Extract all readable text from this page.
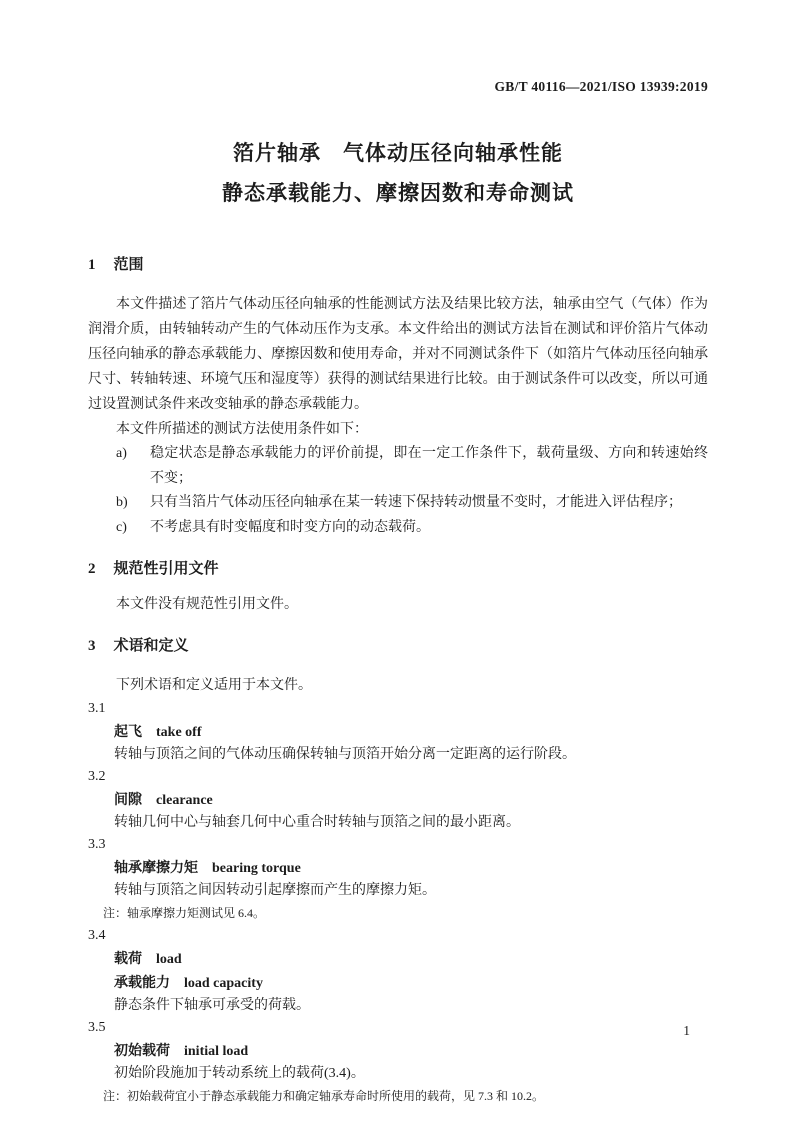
GB/T 40116—2021/ISO 13939:2019
箔片轴承　气体动压径向轴承性能
静态承载能力、摩擦因数和寿命测试
1 范围
本文件描述了箔片气体动压径向轴承的性能测试方法及结果比较方法，轴承由空气（气体）作为润滑介质，由转轴转动产生的气体动压作为支承。本文件给出的测试方法旨在测试和评价箔片气体动压径向轴承的静态承载能力、摩擦因数和使用寿命，并对不同测试条件下（如箔片气体动压径向轴承尺寸、转轴转速、环境气压和湿度等）获得的测试结果进行比较。由于测试条件可以改变，所以可通过设置测试条件来改变轴承的静态承载能力。
本文件所描述的测试方法使用条件如下：
a)	稳定状态是静态承载能力的评价前提，即在一定工作条件下，载荷量级、方向和转速始终不变；
b)	只有当箔片气体动压径向轴承在某一转速下保持转动惯量不变时，才能进入评估程序；
c)	不考虑具有时变幅度和时变方向的动态载荷。
2 规范性引用文件
本文件没有规范性引用文件。
3 术语和定义
下列术语和定义适用于本文件。
3.1
起飞 take off
转轴与顶箔之间的气体动压确保转轴与顶箔开始分离一定距离的运行阶段。
3.2
间隙 clearance
转轴几何中心与轴套几何中心重合时转轴与顶箔之间的最小距离。
3.3
轴承摩擦力矩 bearing torque
转轴与顶箔之间因转动引起摩擦而产生的摩擦力矩。
注：轴承摩擦力矩测试见 6.4。
3.4
载荷 load
承载能力 load capacity
静态条件下轴承可承受的荷载。
3.5
初始载荷 initial load
初始阶段施加于转动系统上的载荷(3.4)。
注：初始载荷宜小于静态承载能力和确定轴承寿命时所使用的载荷，见 7.3 和 10.2。
1
